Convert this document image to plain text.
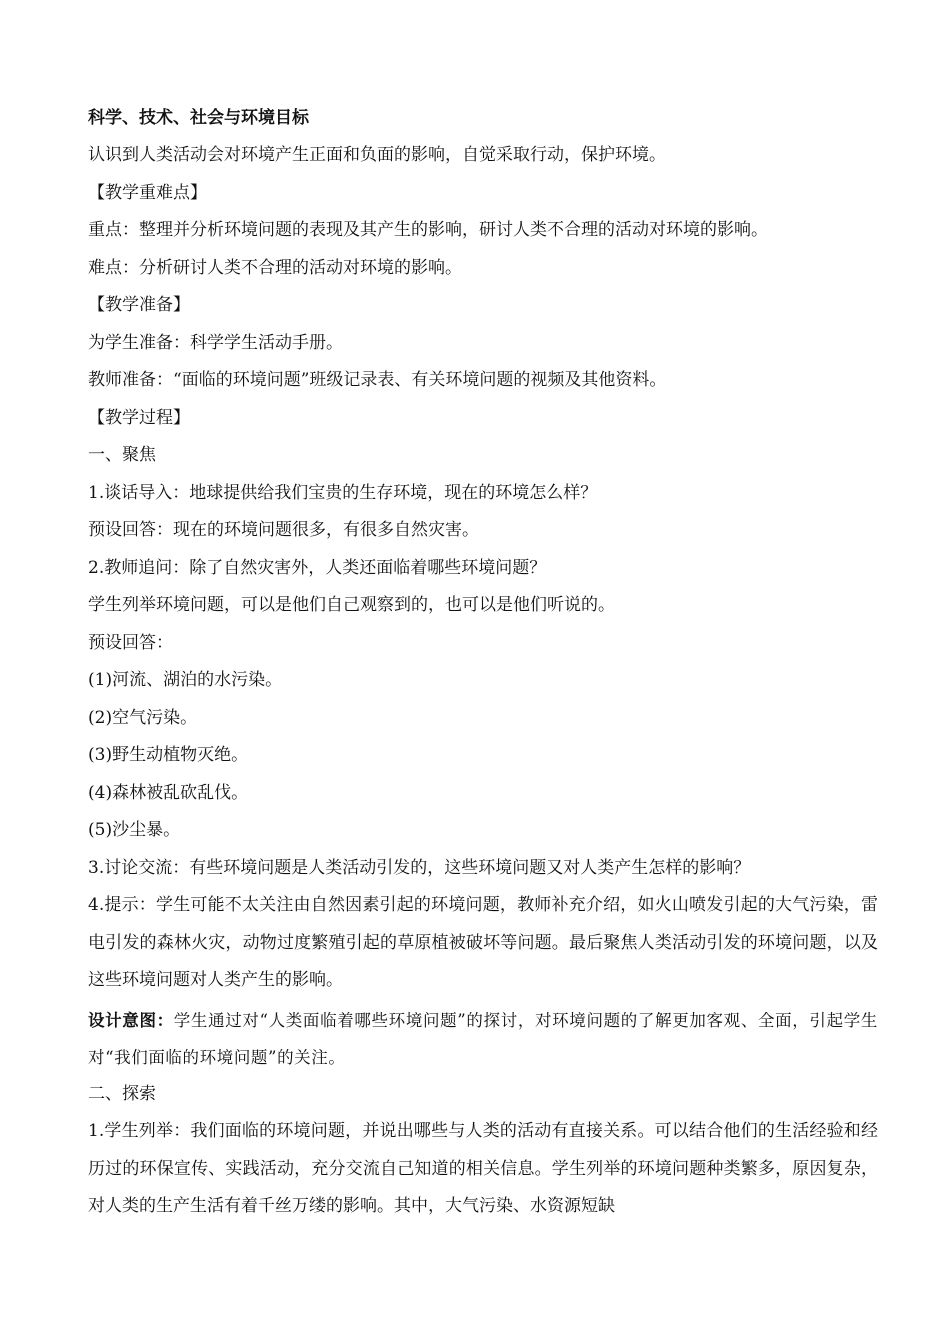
科学、技术、社会与环境目标

认识到人类活动会对环境产生正面和负面的影响，自觉采取行动，保护环境。

【教学重难点】

重点：整理并分析环境问题的表现及其产生的影响，研讨人类不合理的活动对环境的影响。

难点：分析研讨人类不合理的活动对环境的影响。

【教学准备】

为学生准备：科学学生活动手册。

教师准备：“面临的环境问题”班级记录表、有关环境问题的视频及其他资料。

【教学过程】

一、聚焦

1.谈话导入：地球提供给我们宝贵的生存环境，现在的环境怎么样？

预设回答：现在的环境问题很多，有很多自然灾害。

2.教师追问：除了自然灾害外，人类还面临着哪些环境问题？

学生列举环境问题，可以是他们自己观察到的，也可以是他们听说的。

预设回答：

(1)河流、湖泊的水污染。

(2)空气污染。

(3)野生动植物灭绝。

(4)森林被乱砍乱伐。

(5)沙尘暴。

3.讨论交流：有些环境问题是人类活动引发的，这些环境问题又对人类产生怎样的影响？

4.提示：学生可能不太关注由自然因素引起的环境问题，教师补充介绍，如火山喷发引起的大气污染，雷电引发的森林火灾，动物过度繁殖引起的草原植被破坏等问题。最后聚焦人类活动引发的环境问题，以及这些环境问题对人类产生的影响。

设计意图：学生通过对“人类面临着哪些环境问题”的探讨，对环境问题的了解更加客观、全面，引起学生对“我们面临的环境问题”的关注。

二、探索

1.学生列举：我们面临的环境问题，并说出哪些与人类的活动有直接关系。可以结合他们的生活经验和经历过的环保宣传、实践活动，充分交流自己知道的相关信息。学生列举的环境问题种类繁多，原因复杂，对人类的生产生活有着千丝万缕的影响。其中，大气污染、水资源短缺
